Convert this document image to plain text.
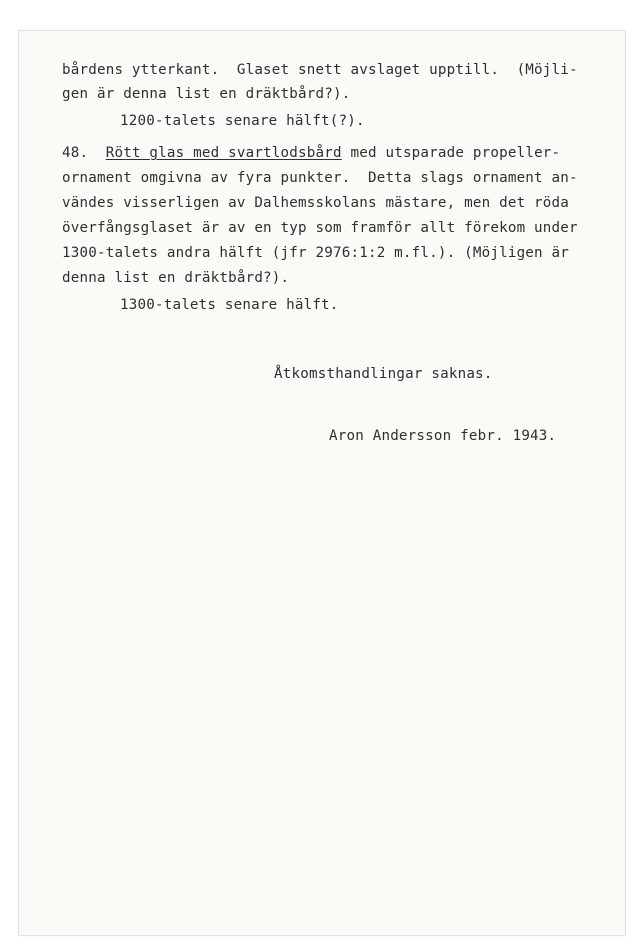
bårdens ytterkant.  Glaset snett avslaget upptill.  (Möjli-
gen är denna list en dräktbård?).
1200-talets senare hälft(?).
48. Rött glas med svartlodsbård med utsparade propeller-
ornament omgivna av fyra punkter.  Detta slags ornament an-
vändes visserligen av Dalhemsskolans mästare, men det röda
överfångsglaset är av en typ som framför allt förekom under
1300-talets andra hälft (jfr 2976:1:2 m.fl.). (Möjligen är
denna list en dräktbård?).
1300-talets senare hälft.
Åtkomsthandlingar saknas.
Aron Andersson febr. 1943.
